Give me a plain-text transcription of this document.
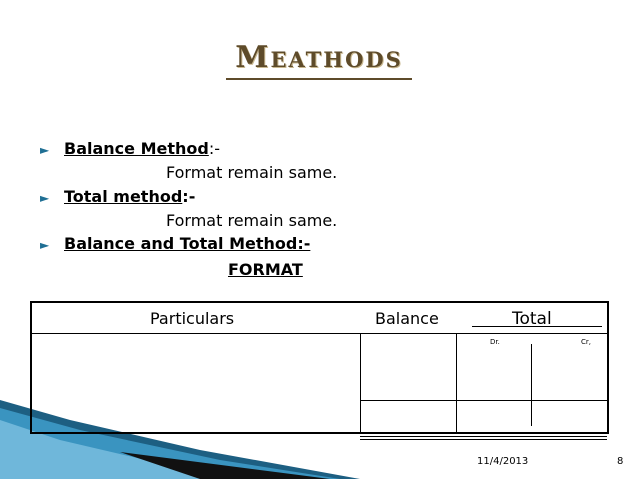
Meathods
► Balance Method:-
Format remain same.
► Total method:-
Format remain same.
► Balance and Total Method:-
FORMAT
Particulars	Balance	Total
Dr.	Cr,
11/4/2013	8
